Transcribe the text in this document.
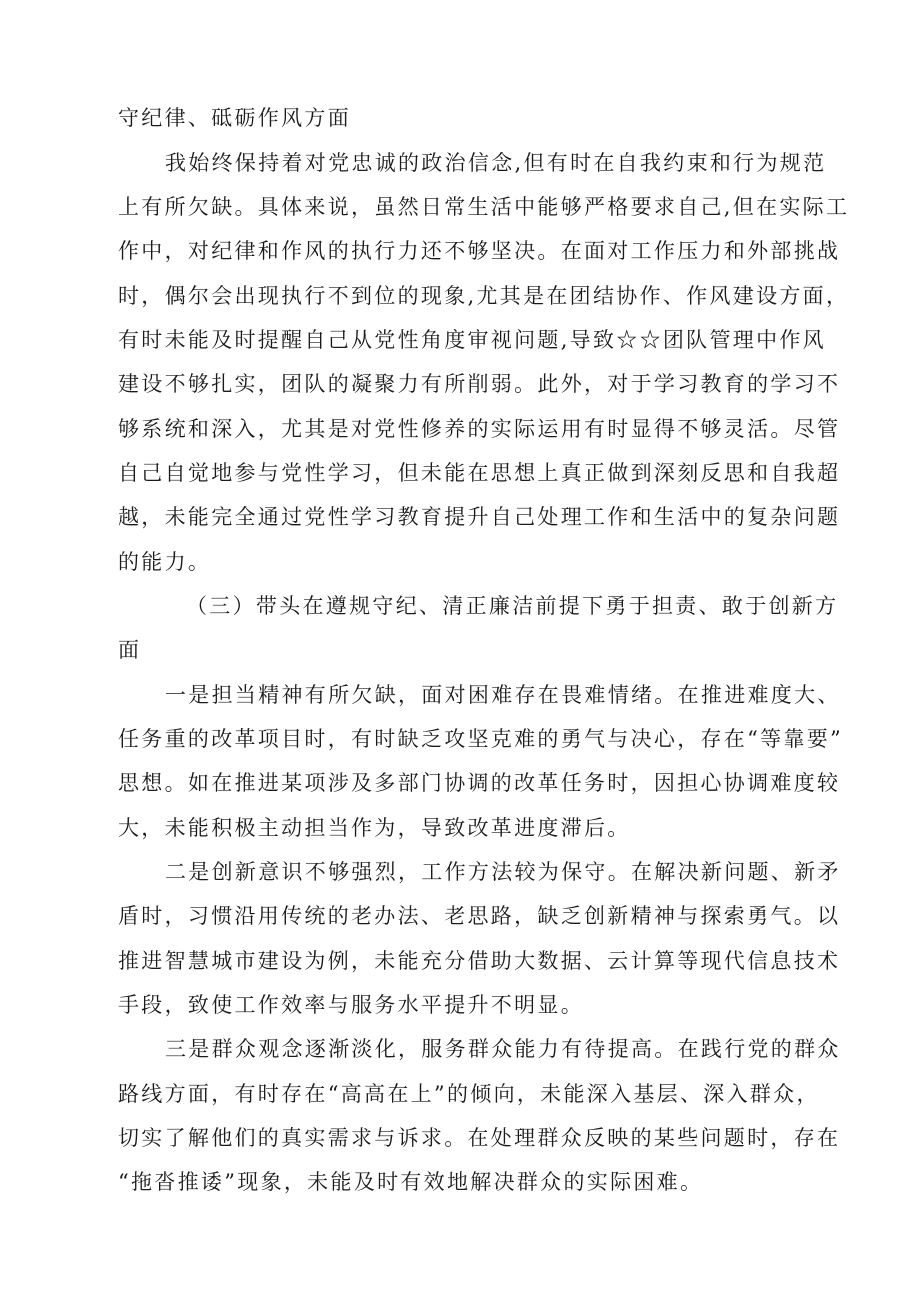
守纪律、砥砺作风方面
我始终保持着对党忠诚的政治信念,但有时在自我约束和行为规范
上有所欠缺。具体来说，虽然日常生活中能够严格要求自己,但在实际工
作中，对纪律和作风的执行力还不够坚决。在面对工作压力和外部挑战
时，偶尔会出现执行不到位的现象,尤其是在团结协作、作风建设方面，
有时未能及时提醒自己从党性角度审视问题,导致☆☆团队管理中作风
建设不够扎实，团队的凝聚力有所削弱。此外，对于学习教育的学习不
够系统和深入，尤其是对党性修养的实际运用有时显得不够灵活。尽管
自己自觉地参与党性学习，但未能在思想上真正做到深刻反思和自我超
越，未能完全通过党性学习教育提升自己处理工作和生活中的复杂问题
的能力。
（三）带头在遵规守纪、清正廉洁前提下勇于担责、敢于创新方
面
一是担当精神有所欠缺，面对困难存在畏难情绪。在推进难度大、
任务重的改革项目时，有时缺乏攻坚克难的勇气与决心，存在“等靠要”
思想。如在推进某项涉及多部门协调的改革任务时，因担心协调难度较
大，未能积极主动担当作为，导致改革进度滞后。
二是创新意识不够强烈，工作方法较为保守。在解决新问题、新矛
盾时，习惯沿用传统的老办法、老思路，缺乏创新精神与探索勇气。以
推进智慧城市建设为例，未能充分借助大数据、云计算等现代信息技术
手段，致使工作效率与服务水平提升不明显。
三是群众观念逐渐淡化，服务群众能力有待提高。在践行党的群众
路线方面，有时存在“高高在上”的倾向，未能深入基层、深入群众，
切实了解他们的真实需求与诉求。在处理群众反映的某些问题时，存在
“拖沓推诿”现象，未能及时有效地解决群众的实际困难。
